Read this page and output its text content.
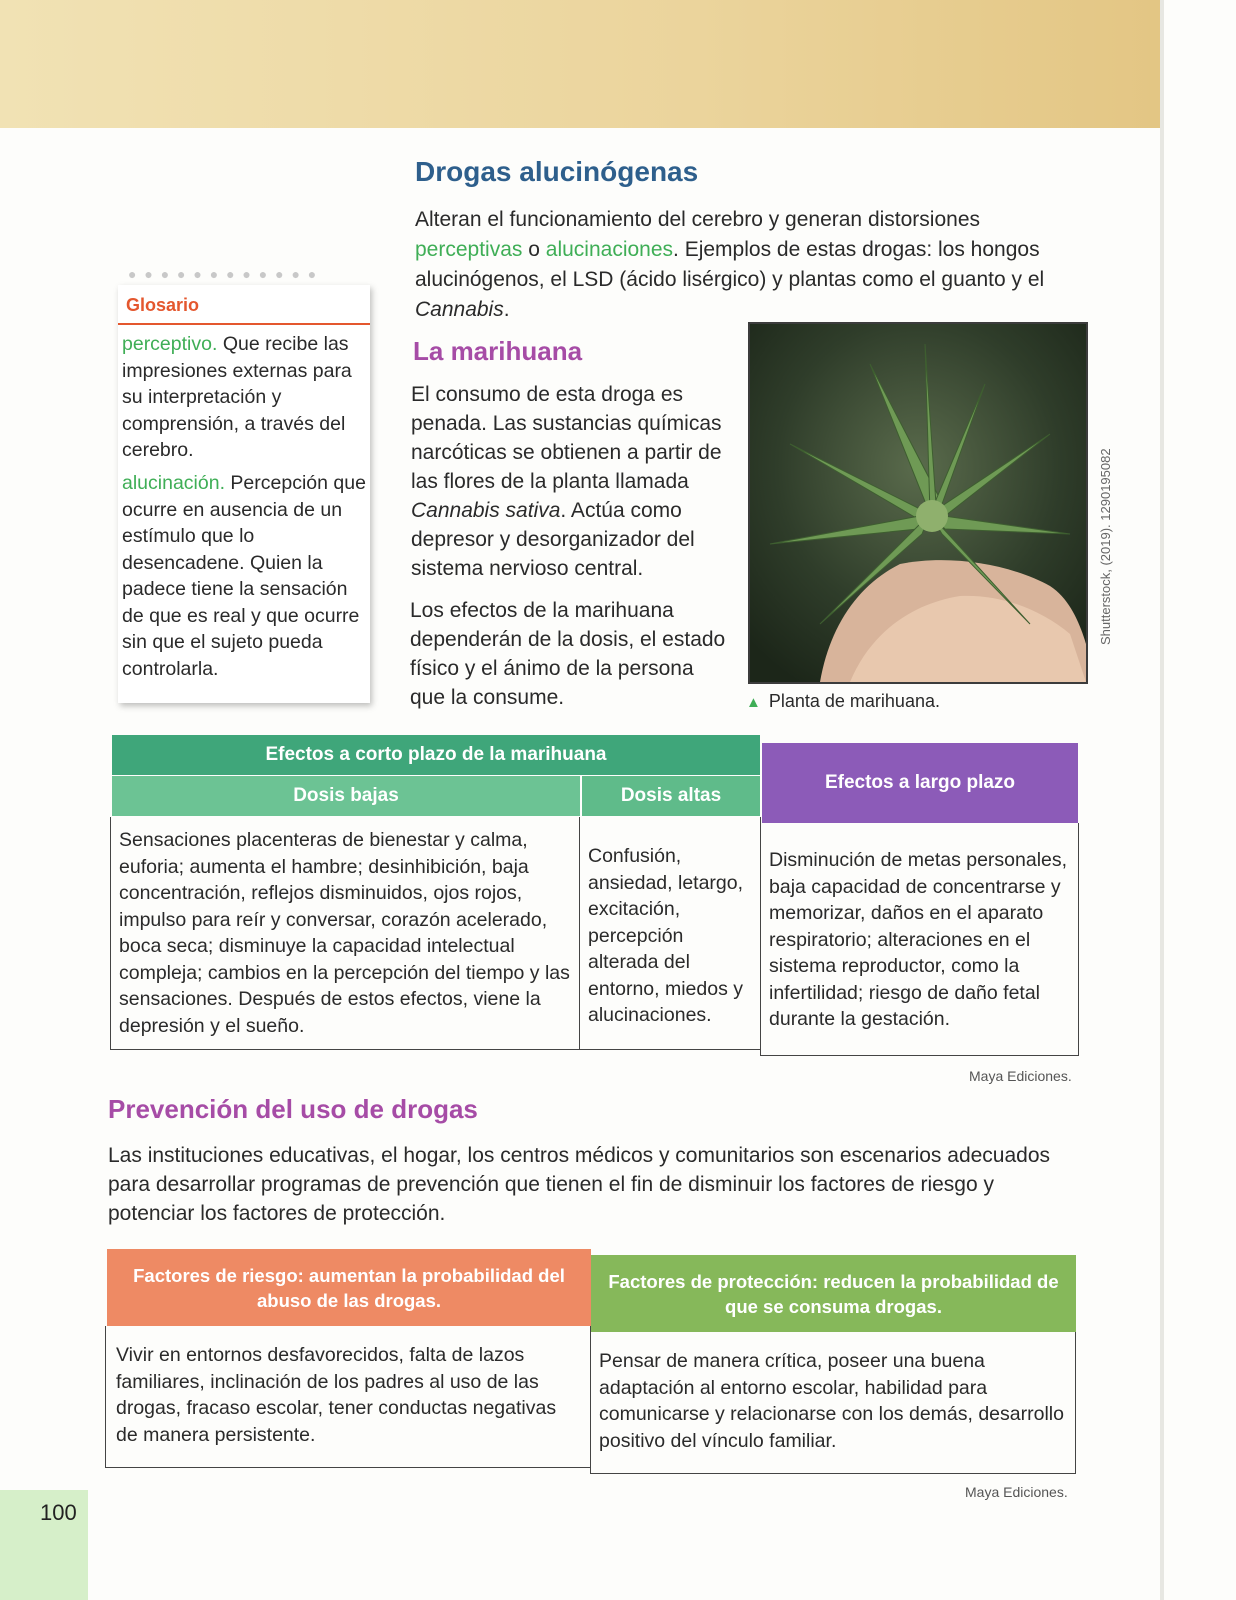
Drogas alucinógenas

Alteran el funcionamiento del cerebro y generan distorsiones perceptivas o alucinaciones. Ejemplos de estas drogas: los hongos alucinógenos, el LSD (ácido lisérgico) y plantas como el guanto y el Cannabis.

● ● ● ● ● ● ● ● ● ● ● ●
Glosario

perceptivo. Que recibe las impresiones externas para su interpretación y comprensión, a través del cerebro.

alucinación. Percepción que ocurre en ausencia de un estímulo que lo desencadene. Quien la padece tiene la sensación de que es real y que ocurre sin que el sujeto pueda controlarla.

La marihuana

El consumo de esta droga es penada. Las sustancias químicas narcóticas se obtienen a partir de las flores de la planta llamada Cannabis sativa. Actúa como depresor y desorganizador del sistema nervioso central.

Los efectos de la marihuana dependerán de la dosis, el estado físico y el ánimo de la persona que la consume.

Shutterstock, (2019). 1290195082

▲ Planta de marihuana.

Efectos a corto plazo de la marihuana
Dosis bajas	Dosis altas
Efectos a largo plazo

Sensaciones placenteras de bienestar y calma, euforia; aumenta el hambre; desinhibición, baja concentración, reflejos disminuidos, ojos rojos, impulso para reír y conversar, corazón acelerado, boca seca; disminuye la capacidad intelectual compleja; cambios en la percepción del tiempo y las sensaciones. Después de estos efectos, viene la depresión y el sueño.

Confusión, ansiedad, letargo, excitación, percepción alterada del entorno, miedos y alucinaciones.

Disminución de metas personales, baja capacidad de concentrarse y memorizar, daños en el aparato respiratorio; alteraciones en el sistema reproductor, como la infertilidad; riesgo de daño fetal durante la gestación.

Maya Ediciones.

Prevención del uso de drogas

Las instituciones educativas, el hogar, los centros médicos y comunitarios son escenarios adecuados para desarrollar programas de prevención que tienen el fin de disminuir los factores de riesgo y potenciar los factores de protección.

Factores de riesgo: aumentan la probabilidad del abuso de las drogas.
Factores de protección: reducen la probabilidad de que se consuma drogas.

Vivir en entornos desfavorecidos, falta de lazos familiares, inclinación de los padres al uso de las drogas, fracaso escolar, tener conductas negativas de manera persistente.

Pensar de manera crítica, poseer una buena adaptación al entorno escolar, habilidad para comunicarse y relacionarse con los demás, desarrollo positivo del vínculo familiar.

Maya Ediciones.

100
